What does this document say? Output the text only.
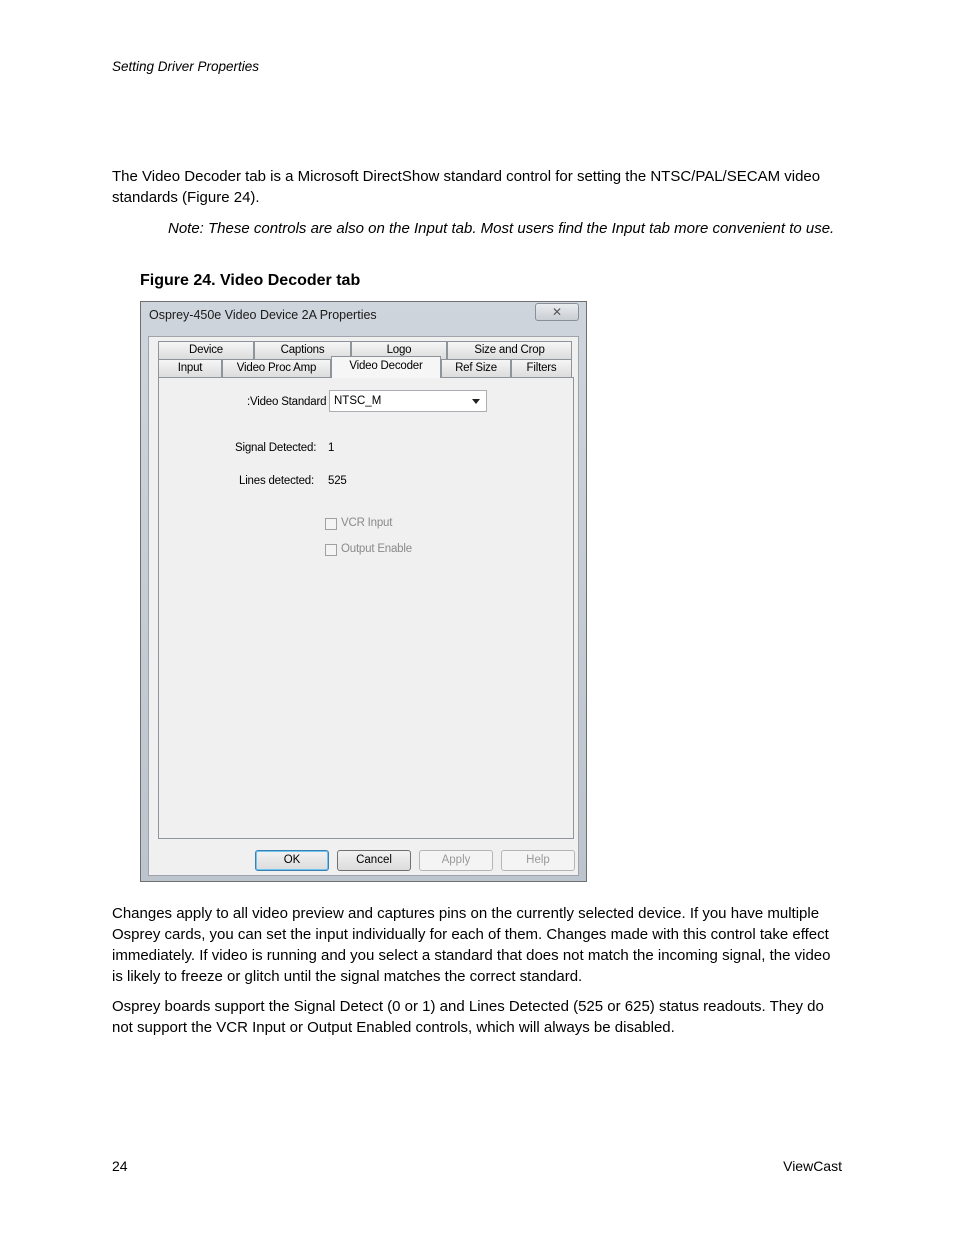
Setting Driver Properties
The Video Decoder tab is a Microsoft DirectShow standard control for setting the NTSC/PAL/SECAM video standards (Figure 24).
Note: These controls are also on the Input tab. Most users find the Input tab more convenient to use.
Figure 24. Video Decoder tab
Osprey-450e Video Device 2A Properties	✕
Device	Captions	Logo	Size and Crop
Input	Video Proc Amp	Video Decoder	Ref Size	Filters
:Video Standard NTSC_M
Signal Detected: 1
Lines detected: 525
VCR Input
Output Enable
OK	Cancel	Apply	Help
Changes apply to all video preview and captures pins on the currently selected device. If you have multiple Osprey cards, you can set the input individually for each of them. Changes made with this control take effect immediately. If video is running and you select a standard that does not match the incoming signal, the video is likely to freeze or glitch until the signal matches the correct standard.
Osprey boards support the Signal Detect (0 or 1) and Lines Detected (525 or 625) status readouts. They do not support the VCR Input or Output Enabled controls, which will always be disabled.
24	ViewCast
